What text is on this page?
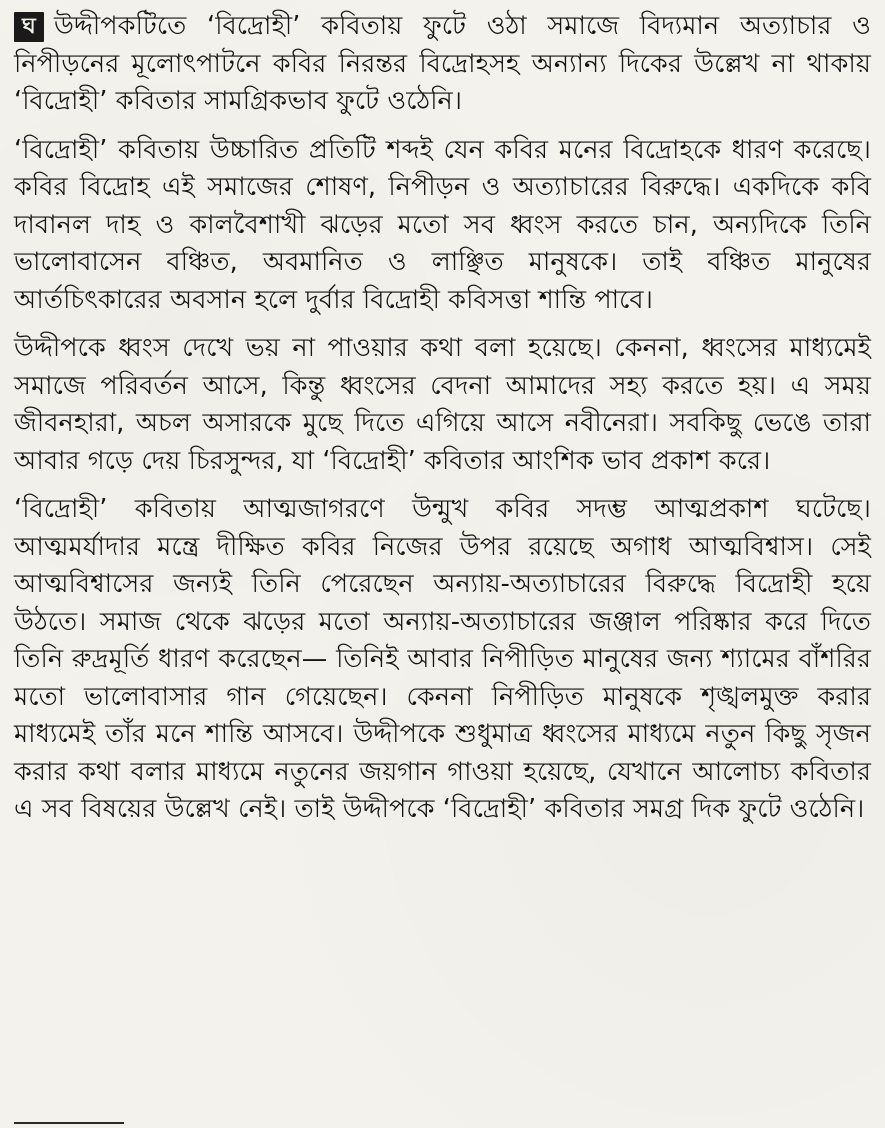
ঘ উদ্দীপকটিতে ‘বিদ্রোহী’ কবিতায় ফুটে ওঠা সমাজে বিদ্যমান অত্যাচার ও নিপীড়নের মূলোৎপাটনে কবির নিরন্তর বিদ্রোহসহ অন্যান্য দিকের উল্লেখ না থাকায় ‘বিদ্রোহী’ কবিতার সামগ্রিকভাব ফুটে ওঠেনি।

‘বিদ্রোহী’ কবিতায় উচ্চারিত প্রতিটি শব্দই যেন কবির মনের বিদ্রোহকে ধারণ করেছে। কবির বিদ্রোহ এই সমাজের শোষণ, নিপীড়ন ও অত্যাচারের বিরুদ্ধে। একদিকে কবি দাবানল দাহ ও কালবৈশাখী ঝড়ের মতো সব ধ্বংস করতে চান, অন্যদিকে তিনি ভালোবাসেন বঞ্চিত, অবমানিত ও লাঞ্ছিত মানুষকে। তাই বঞ্চিত মানুষের আর্তচিৎকারের অবসান হলে দুর্বার বিদ্রোহী কবিসত্তা শান্তি পাবে।

উদ্দীপকে ধ্বংস দেখে ভয় না পাওয়ার কথা বলা হয়েছে। কেননা, ধ্বংসের মাধ্যমেই সমাজে পরিবর্তন আসে, কিন্তু ধ্বংসের বেদনা আমাদের সহ্য করতে হয়। এ সময় জীবনহারা, অচল অসারকে মুছে দিতে এগিয়ে আসে নবীনেরা। সবকিছু ভেঙে তারা আবার গড়ে দেয় চিরসুন্দর, যা ‘বিদ্রোহী’ কবিতার আংশিক ভাব প্রকাশ করে।

‘বিদ্রোহী’ কবিতায় আত্মজাগরণে উন্মুখ কবির সদম্ভ আত্মপ্রকাশ ঘটেছে। আত্মমর্যাদার মন্ত্রে দীক্ষিত কবির নিজের উপর রয়েছে অগাধ আত্মবিশ্বাস। সেই আত্মবিশ্বাসের জন্যই তিনি পেরেছেন অন্যায়-অত্যাচারের বিরুদ্ধে বিদ্রোহী হয়ে উঠতে। সমাজ থেকে ঝড়ের মতো অন্যায়-অত্যাচারের জঞ্জাল পরিষ্কার করে দিতে তিনি রুদ্রমূর্তি ধারণ করেছেন— তিনিই আবার নিপীড়িত মানুষের জন্য শ্যামের বাঁশরির মতো ভালোবাসার গান গেয়েছেন। কেননা নিপীড়িত মানুষকে শৃঙ্খলমুক্ত করার মাধ্যমেই তাঁর মনে শান্তি আসবে। উদ্দীপকে শুধুমাত্র ধ্বংসের মাধ্যমে নতুন কিছু সৃজন করার কথা বলার মাধ্যমে নতুনের জয়গান গাওয়া হয়েছে, যেখানে আলোচ্য কবিতার এ সব বিষয়ের উল্লেখ নেই। তাই উদ্দীপকে ‘বিদ্রোহী’ কবিতার সমগ্র দিক ফুটে ওঠেনি।
